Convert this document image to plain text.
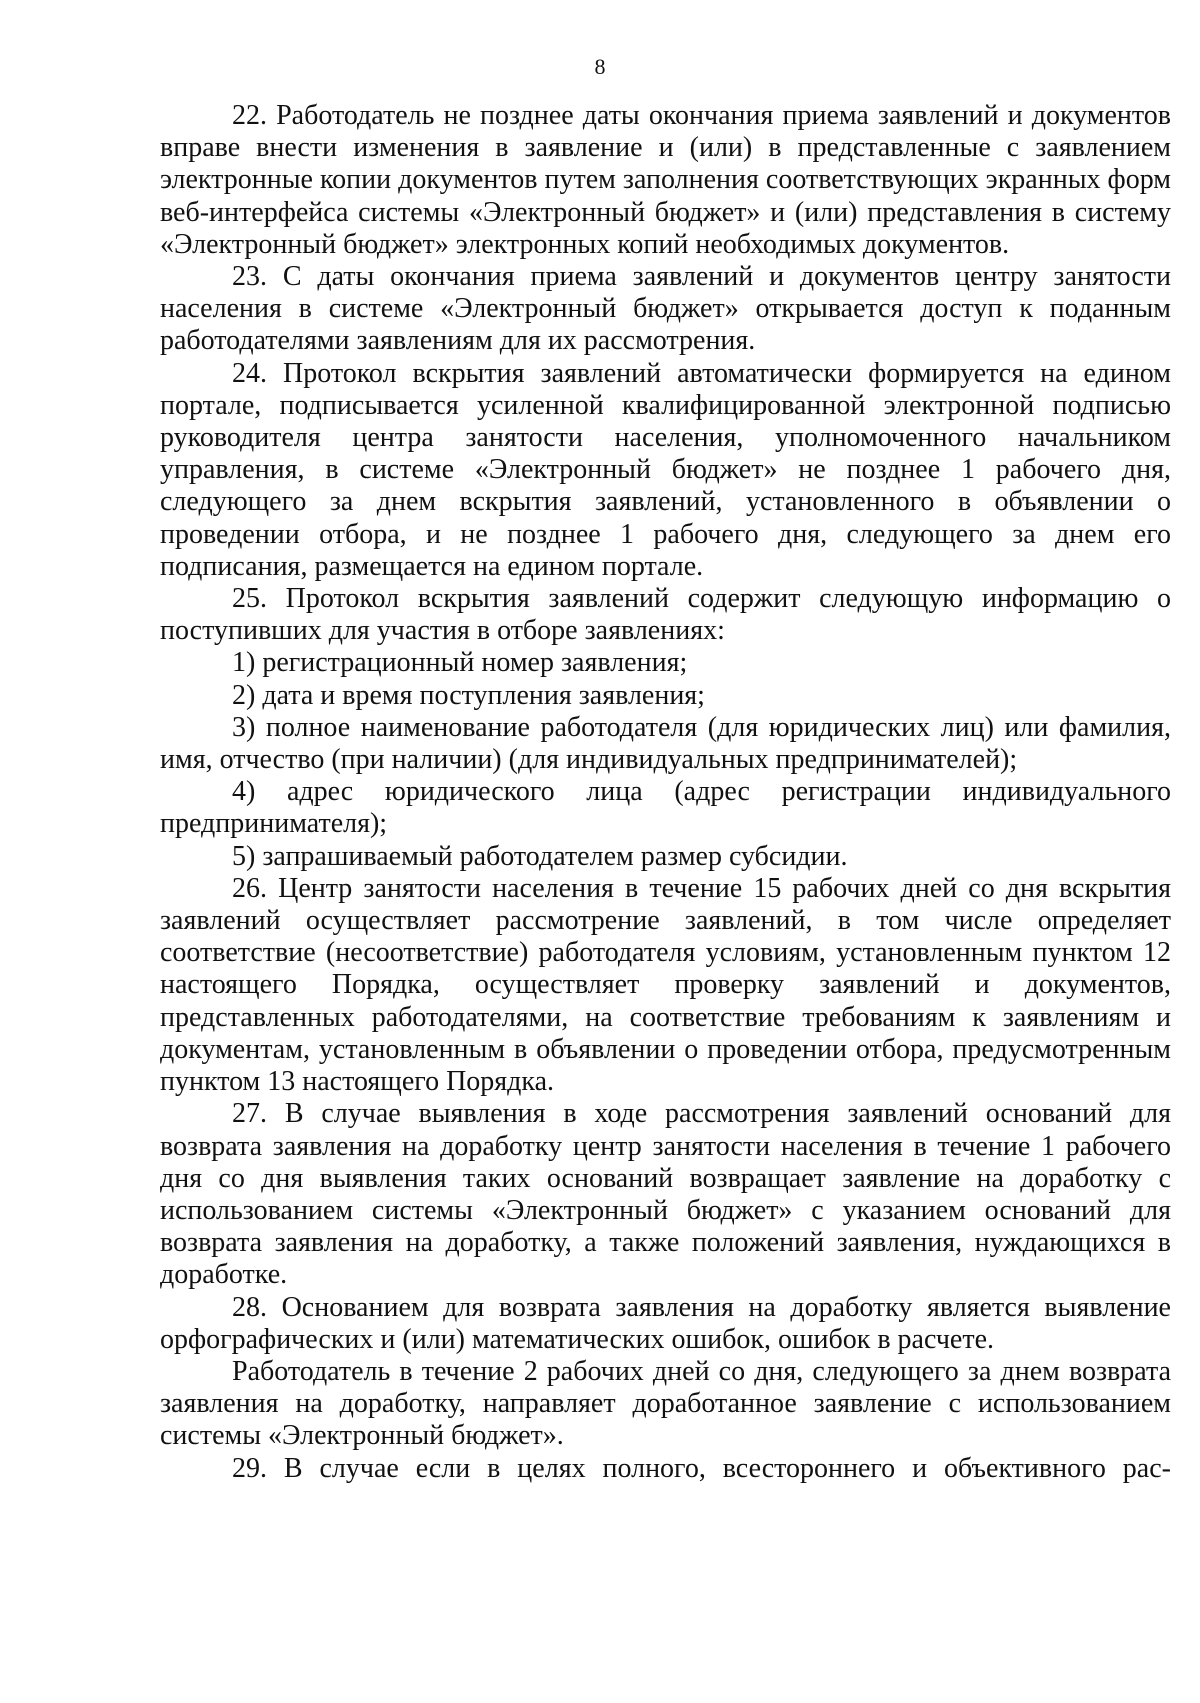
8

22. Работодатель не позднее даты окончания приема заявлений и документов вправе внести изменения в заявление и (или) в представленные с заявлением электронные копии документов путем заполнения соответствующих экранных форм веб-интерфейса системы «Электронный бюджет» и (или) представления в систему «Электронный бюджет» электронных копий необходимых документов.

23. С даты окончания приема заявлений и документов центру занятости населения в системе «Электронный бюджет» открывается доступ к поданным работодателями заявлениям для их рассмотрения.

24. Протокол вскрытия заявлений автоматически формируется на едином портале, подписывается усиленной квалифицированной электронной подписью руководителя центра занятости населения, уполномоченного начальником управления, в системе «Электронный бюджет» не позднее 1 рабочего дня, следующего за днем вскрытия заявлений, установленного в объявлении о проведении отбора, и не позднее 1 рабочего дня, следующего за днем его подписания, размещается на едином портале.

25. Протокол вскрытия заявлений содержит следующую информацию о поступивших для участия в отборе заявлениях:

1) регистрационный номер заявления;

2) дата и время поступления заявления;

3) полное наименование работодателя (для юридических лиц) или фамилия, имя, отчество (при наличии) (для индивидуальных предпринимателей);

4) адрес юридического лица (адрес регистрации индивидуального предпринимателя);

5) запрашиваемый работодателем размер субсидии.

26. Центр занятости населения в течение 15 рабочих дней со дня вскрытия заявлений осуществляет рассмотрение заявлений, в том числе определяет соответствие (несоответствие) работодателя условиям, установленным пунктом 12 настоящего Порядка, осуществляет проверку заявлений и документов, представленных работодателями, на соответствие требованиям к заявлениям и документам, установленным в объявлении о проведении отбора, предусмотренным пунктом 13 настоящего Порядка.

27. В случае выявления в ходе рассмотрения заявлений оснований для возврата заявления на доработку центр занятости населения в течение 1 рабочего дня со дня выявления таких оснований возвращает заявление на доработку с использованием системы «Электронный бюджет» с указанием оснований для возврата заявления на доработку, а также положений заявления, нуждающихся в доработке.

28. Основанием для возврата заявления на доработку является выявление орфографических и (или) математических ошибок, ошибок в расчете.

Работодатель в течение 2 рабочих дней со дня, следующего за днем возврата заявления на доработку, направляет доработанное заявление с использованием системы «Электронный бюджет».

29. В случае если в целях полного, всестороннего и объективного рас-
